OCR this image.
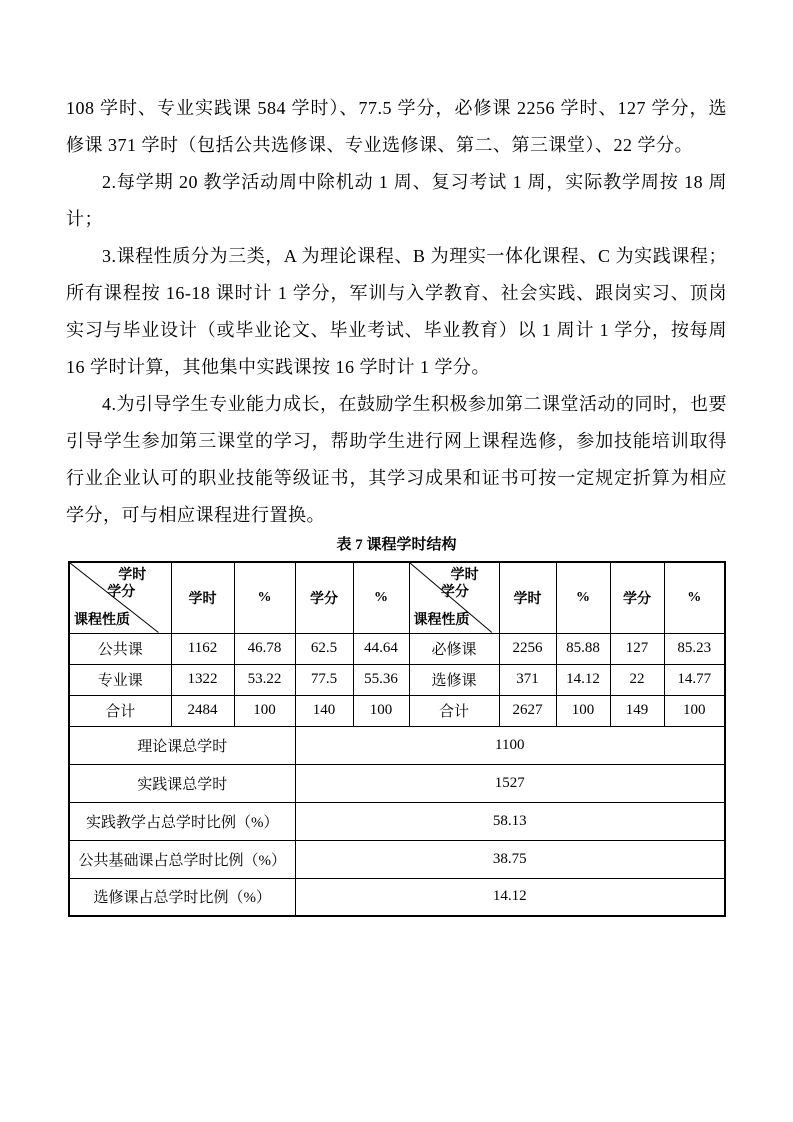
108 学时、专业实践课 584 学时）、77.5 学分，必修课 2256 学时、127 学分，选修课 371 学时（包括公共选修课、专业选修课、第二、第三课堂）、22 学分。

2.每学期 20 教学活动周中除机动 1 周、复习考试 1 周，实际教学周按 18 周计；

3.课程性质分为三类，A 为理论课程、B 为理实一体化课程、C 为实践课程；所有课程按 16-18 课时计 1 学分，军训与入学教育、社会实践、跟岗实习、顶岗实习与毕业设计（或毕业论文、毕业考试、毕业教育）以 1 周计 1 学分，按每周 16 学时计算，其他集中实践课按 16 学时计 1 学分。

4.为引导学生专业能力成长，在鼓励学生积极参加第二课堂活动的同时，也要引导学生参加第三课堂的学习，帮助学生进行网上课程选修，参加技能培训取得行业企业认可的职业技能等级证书，其学习成果和证书可按一定规定折算为相应学分，可与相应课程进行置换。

表 7 课程学时结构
学时
学分
课程性质
	学时	%	学分	%	
学时
学分
课程性质
	学时	%	学分	%
公共课	1162	46.78	62.5	44.64	必修课	2256	85.88	127	85.23
专业课	1322	53.22	77.5	55.36	选修课	371	14.12	22	14.77
合计	2484	100	140	100	合计	2627	100	149	100
理论课总学时			1100						
实践课总学时			1527						
实践教学占总学时比例（%）			58.13						
公共基础课占总学时比例（%）			38.75						
选修课占总学时比例（%）			14.12						
